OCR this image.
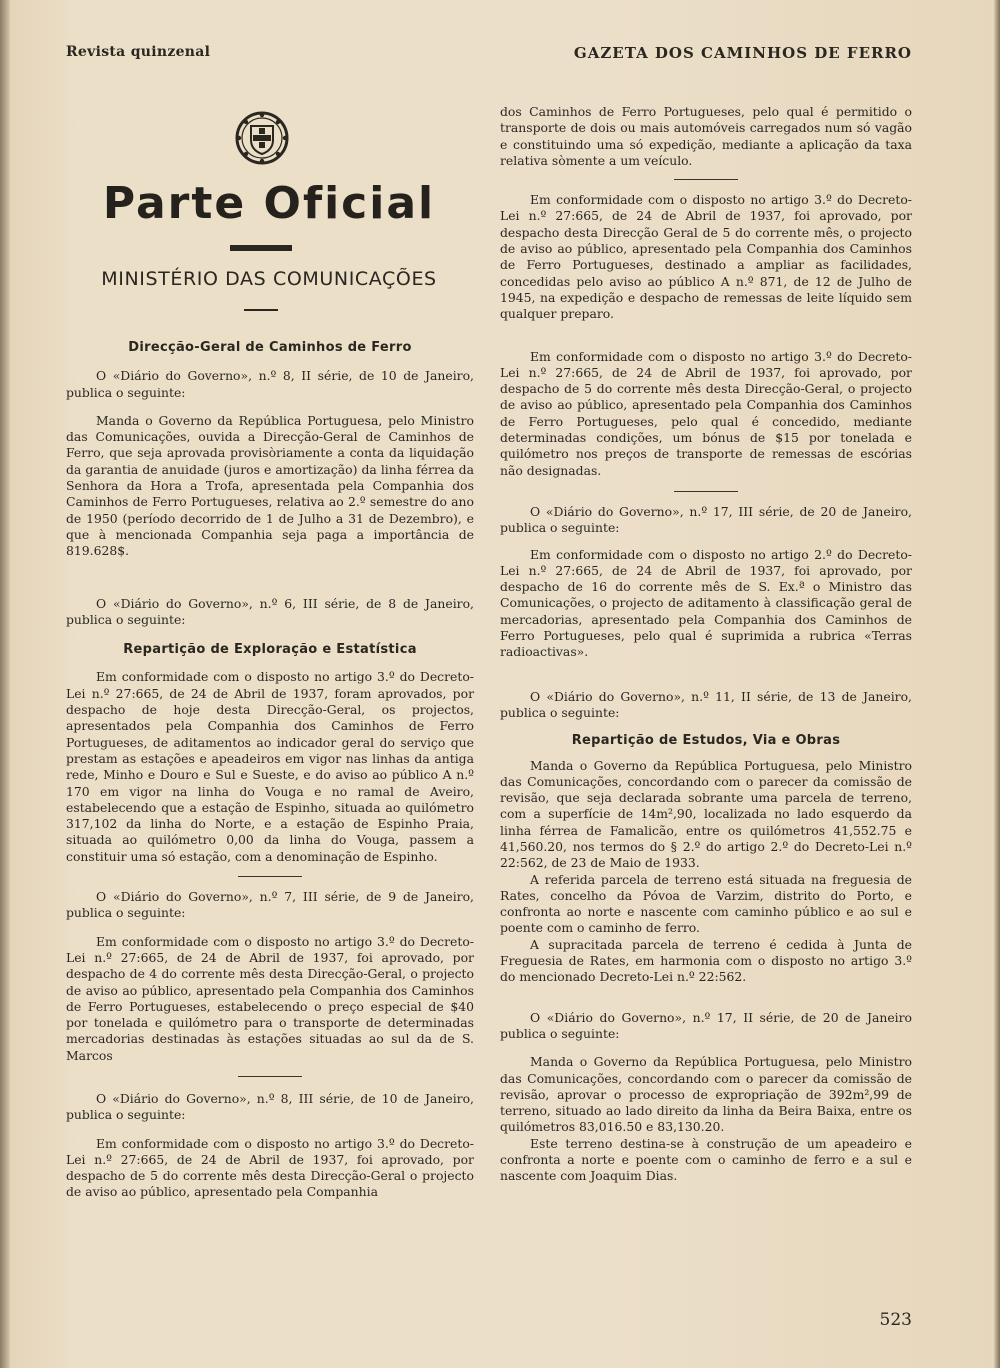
Revista quinzenal	GAZETA DOS CAMINHOS DE FERRO
Parte Oficial
MINISTÉRIO DAS COMUNICAÇÕES

Direcção-Geral de Caminhos de Ferro

O «Diário do Governo», n.º 8, II série, de 10 de Janeiro, publica o seguinte:

Manda o Governo da República Portuguesa, pelo Ministro das Comunicações, ouvida a Direcção-Geral de Caminhos de Ferro, que seja aprovada provisòriamente a conta da liquidação da garantia de anuidade (juros e amortização) da linha férrea da Senhora da Hora a Trofa, apresentada pela Companhia dos Caminhos de Ferro Portugueses, relativa ao 2.º semestre do ano de 1950 (período decorrido de 1 de Julho a 31 de Dezembro), e que à mencionada Companhia seja paga a importância de 819.628$.

O «Diário do Governo», n.º 6, III série, de 8 de Janeiro, publica o seguinte:

Repartição de Exploração e Estatística

Em conformidade com o disposto no artigo 3.º do Decreto-Lei n.º 27:665, de 24 de Abril de 1937, foram aprovados, por despacho de hoje desta Direcção-Geral, os projectos, apresentados pela Companhia dos Caminhos de Ferro Portugueses, de aditamentos ao indicador geral do serviço que prestam as estações e apeadeiros em vigor nas linhas da antiga rede, Minho e Douro e Sul e Sueste, e do aviso ao público A n.º 170 em vigor na linha do Vouga e no ramal de Aveiro, estabelecendo que a estação de Espinho, situada ao quilómetro 317,102 da linha do Norte, e a estação de Espinho Praia, situada ao quilómetro 0,00 da linha do Vouga, passem a constituir uma só estação, com a denominação de Espinho.

O «Diário do Governo», n.º 7, III série, de 9 de Janeiro, publica o seguinte:

Em conformidade com o disposto no artigo 3.º do Decreto-Lei n.º 27:665, de 24 de Abril de 1937, foi aprovado, por despacho de 4 do corrente mês desta Direcção-Geral, o projecto de aviso ao público, apresentado pela Companhia dos Caminhos de Ferro Portugueses, estabelecendo o preço especial de $40 por tonelada e quilómetro para o transporte de determinadas mercadorias destinadas às estações situadas ao sul da de S. Marcos

O «Diário do Governo», n.º 8, III série, de 10 de Janeiro, publica o seguinte:

Em conformidade com o disposto no artigo 3.º do Decreto-Lei n.º 27:665, de 24 de Abril de 1937, foi aprovado, por despacho de 5 do corrente mês desta Direcção-Geral o projecto de aviso ao público, apresentado pela Companhia

dos Caminhos de Ferro Portugueses, pelo qual é permitido o transporte de dois ou mais automóveis carregados num só vagão e constituindo uma só expedição, mediante a aplicação da taxa relativa sòmente a um veículo.

Em conformidade com o disposto no artigo 3.º do Decreto-Lei n.º 27:665, de 24 de Abril de 1937, foi aprovado, por despacho desta Direcção Geral de 5 do corrente mês, o projecto de aviso ao público, apresentado pela Companhia dos Caminhos de Ferro Portugueses, destinado a ampliar as facilidades, concedidas pelo aviso ao público A n.º 871, de 12 de Julho de 1945, na expedição e despacho de remessas de leite líquido sem qualquer preparo.

Em conformidade com o disposto no artigo 3.º do Decreto-Lei n.º 27:665, de 24 de Abril de 1937, foi aprovado, por despacho de 5 do corrente mês desta Direcção-Geral, o projecto de aviso ao público, apresentado pela Companhia dos Caminhos de Ferro Portugueses, pelo qual é concedido, mediante determinadas condições, um bónus de $15 por tonelada e quilómetro nos preços de transporte de remessas de escórias não designadas.

O «Diário do Governo», n.º 17, III série, de 20 de Janeiro, publica o seguinte:

Em conformidade com o disposto no artigo 2.º do Decreto-Lei n.º 27:665, de 24 de Abril de 1937, foi aprovado, por despacho de 16 do corrente mês de S. Ex.ª o Ministro das Comunicações, o projecto de aditamento à classificação geral de mercadorias, apresentado pela Companhia dos Caminhos de Ferro Portugueses, pelo qual é suprimida a rubrica «Terras radioactivas».

O «Diário do Governo», n.º 11, II série, de 13 de Janeiro, publica o seguinte:

Repartição de Estudos, Via e Obras

Manda o Governo da República Portuguesa, pelo Ministro das Comunicações, concordando com o parecer da comissão de revisão, que seja declarada sobrante uma parcela de terreno, com a superfície de 14m²,90, localizada no lado esquerdo da linha férrea de Famalicão, entre os quilómetros 41,552.75 e 41,560.20, nos termos do § 2.º do artigo 2.º do Decreto-Lei n.º 22:562, de 23 de Maio de 1933.

A referida parcela de terreno está situada na freguesia de Rates, concelho da Póvoa de Varzim, distrito do Porto, e confronta ao norte e nascente com caminho público e ao sul e poente com o caminho de ferro.

A supracitada parcela de terreno é cedida à Junta de Freguesia de Rates, em harmonia com o disposto no artigo 3.º do mencionado Decreto-Lei n.º 22:562.

O «Diário do Governo», n.º 17, II série, de 20 de Janeiro publica o seguinte:

Manda o Governo da República Portuguesa, pelo Ministro das Comunicações, concordando com o parecer da comissão de revisão, aprovar o processo de expropriação de 392m²,99 de terreno, situado ao lado direito da linha da Beira Baixa, entre os quilómetros 83,016.50 e 83,130.20.

Este terreno destina-se à construção de um apeadeiro e confronta a norte e poente com o caminho de ferro e a sul e nascente com Joaquim Dias.

523
